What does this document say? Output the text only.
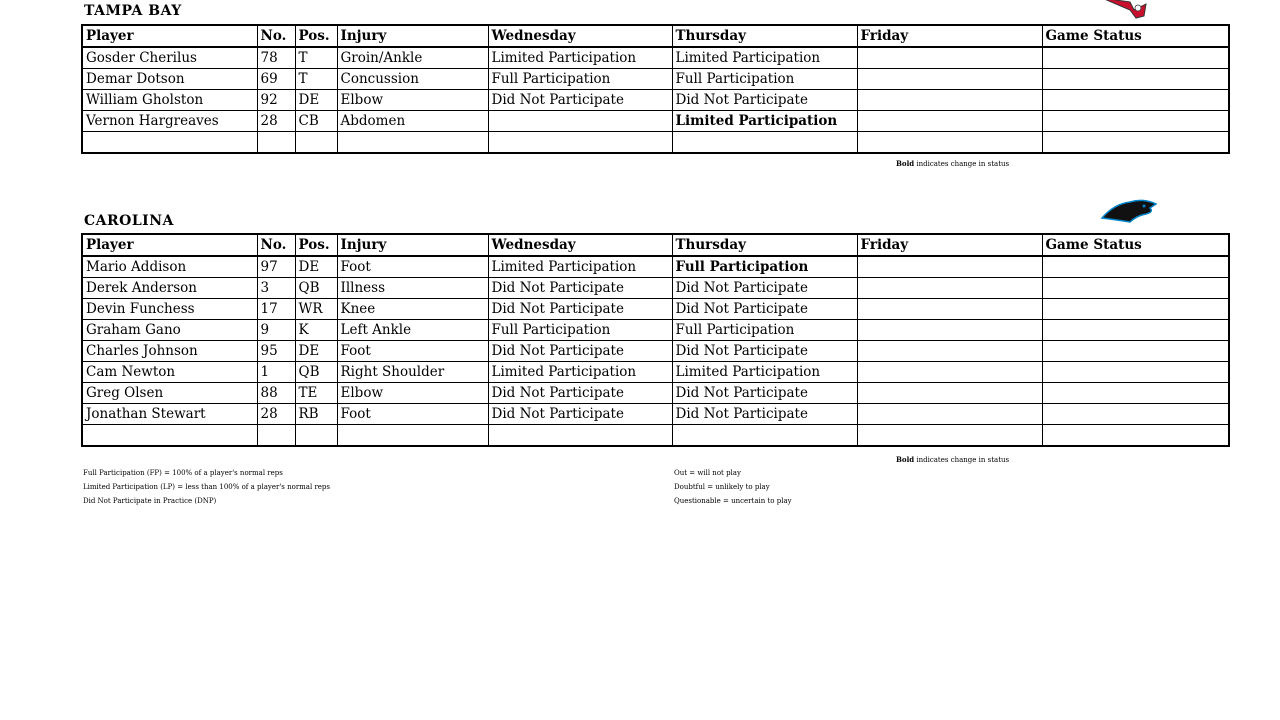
TAMPA BAY
Player	No.	Pos.	Injury	Wednesday	Thursday	Friday	Game Status
Gosder Cherilus	78	T	Groin/Ankle	Limited Participation	Limited Participation		
Demar Dotson	69	T	Concussion	Full Participation	Full Participation		
William Gholston	92	DE	Elbow	Did Not Participate	Did Not Participate		
Vernon Hargreaves	28	CB	Abdomen		Limited Participation		

Bold indicates change in status
CAROLINA
Player	No.	Pos.	Injury	Wednesday	Thursday	Friday	Game Status
Mario Addison	97	DE	Foot	Limited Participation	Full Participation		
Derek Anderson	3	QB	Illness	Did Not Participate	Did Not Participate		
Devin Funchess	17	WR	Knee	Did Not Participate	Did Not Participate		
Graham Gano	9	K	Left Ankle	Full Participation	Full Participation		
Charles Johnson	95	DE	Foot	Did Not Participate	Did Not Participate		
Cam Newton	1	QB	Right Shoulder	Limited Participation	Limited Participation		
Greg Olsen	88	TE	Elbow	Did Not Participate	Did Not Participate		
Jonathan Stewart	28	RB	Foot	Did Not Participate	Did Not Participate		

Bold indicates change in status
Full Participation (FP) = 100% of a player's normal reps
Limited Participation (LP) = less than 100% of a player's normal reps
Did Not Participate in Practice (DNP)
Out = will not play
Doubtful = unlikely to play
Questionable = uncertain to play
